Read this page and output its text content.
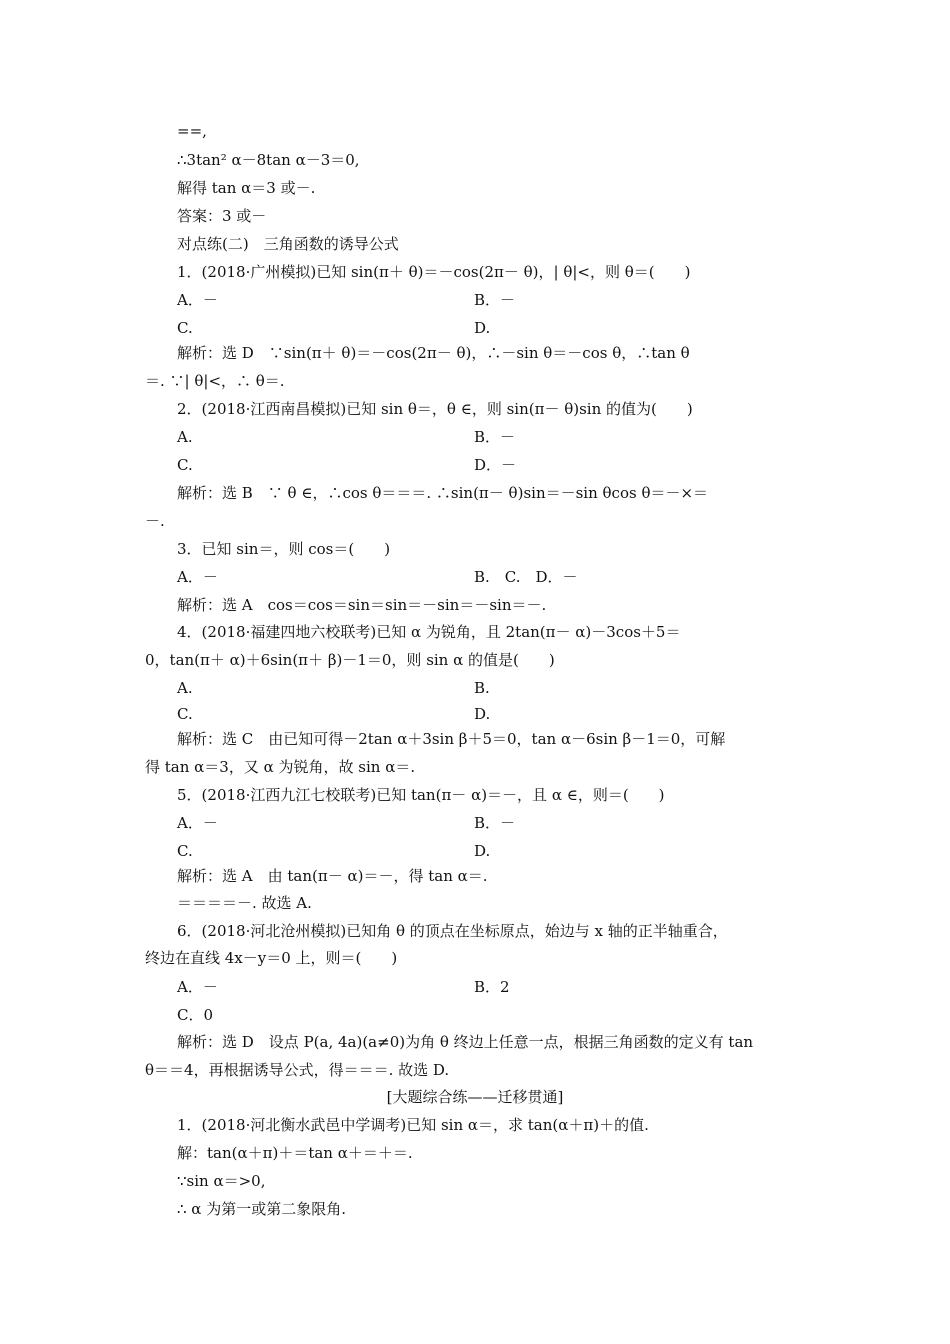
==,
∴3tan² α－8tan α－3＝0,
解得 tan α＝3 或－.
答案：3 或－
对点练(二)　三角函数的诱导公式
1．(2018·广州模拟)已知 sin(π＋ θ)＝－cos(2π－ θ)，| θ|<，则 θ＝(　　)
A．－	B．－
C.	D.
解析：选 D　∵sin(π＋ θ)＝－cos(2π－ θ)，∴－sin θ＝－cos θ，∴tan θ
＝. ∵| θ|<，∴ θ＝.
2．(2018·江西南昌模拟)已知 sin θ＝，θ ∈，则 sin(π－ θ)sin 的值为(　　)
A.	B．－
C.	D．－
解析：选 B　∵ θ ∈，∴cos θ＝＝＝. ∴sin(π－ θ)sin＝－sin θcos θ＝－×＝
－.
3．已知 sin＝，则 cos＝(　　)
A．－	B.　C.　D．－
解析：选 A　cos＝cos＝sin＝sin＝－sin＝－sin＝－.
4．(2018·福建四地六校联考)已知 α 为锐角，且 2tan(π－ α)－3cos＋5＝
0，tan(π＋ α)＋6sin(π＋ β)－1＝0，则 sin α 的值是(　　)
A.	B.
C.	D.
解析：选 C　由已知可得－2tan α＋3sin β＋5＝0，tan α－6sin β－1＝0，可解
得 tan α＝3，又 α 为锐角，故 sin α＝.
5．(2018·江西九江七校联考)已知 tan(π－ α)＝－，且 α ∈，则＝(　　)
A．－	B．－
C.	D.
解析：选 A　由 tan(π－ α)＝－，得 tan α＝.
＝＝＝＝－. 故选 A.
6．(2018·河北沧州模拟)已知角 θ 的顶点在坐标原点，始边与 x 轴的正半轴重合，
终边在直线 4x－y＝0 上，则＝(　　)
A．－	B．2
C．0
解析：选 D　设点 P(a, 4a)(a≠0)为角 θ 终边上任意一点，根据三角函数的定义有 tan
θ＝＝4，再根据诱导公式，得＝＝＝. 故选 D.
[大题综合练——迁移贯通]
1．(2018·河北衡水武邑中学调考)已知 sin α＝，求 tan(α＋π)＋的值.
解：tan(α＋π)＋＝tan α＋＝＋＝.
∵sin α＝>0,
∴ α 为第一或第二象限角.
